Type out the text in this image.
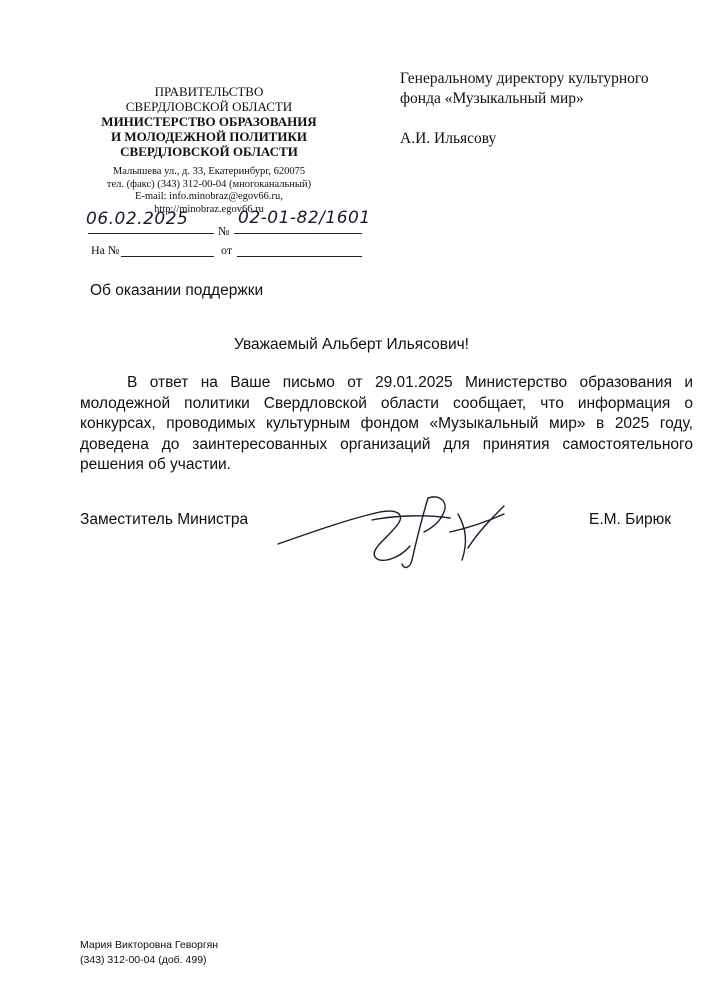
ПРАВИТЕЛЬСТВО
СВЕРДЛОВСКОЙ ОБЛАСТИ
МИНИСТЕРСТВО ОБРАЗОВАНИЯ
И МОЛОДЕЖНОЙ ПОЛИТИКИ
СВЕРДЛОВСКОЙ ОБЛАСТИ
Малышева ул., д. 33, Екатеринбург, 620075
тел. (факс) (343) 312-00-04 (многоканальный)
E-mail: info.minobraz@egov66.ru, http://minobraz.egov66.ru
Генеральному директору культурного фонда «Музыкальный мир»
А.И. Ильясову
06.02.2025
№
02-01-82/1601
На №	от
Об оказании поддержки
Уважаемый Альберт Ильясович!
В ответ на Ваше письмо от 29.01.2025 Министерство образования и молодежной политики Свердловской области сообщает, что информация о конкурсах, проводимых культурным фондом «Музыкальный мир» в 2025 году, доведена до заинтересованных организаций для принятия самостоятельного решения об участии.
Заместитель Министра	Е.М. Бирюк
Мария Викторовна Геворгян
(343) 312-00-04 (доб. 499)
